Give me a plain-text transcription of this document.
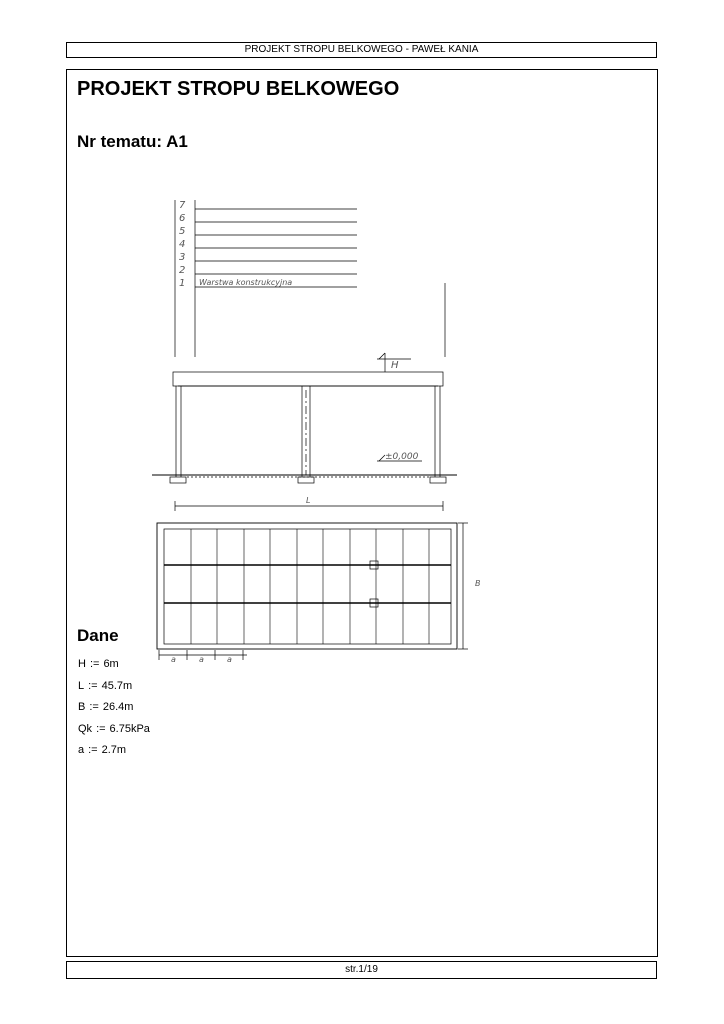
PROJEKT STROPU BELKOWEGO - PAWEŁ KANIA
PROJEKT STROPU BELKOWEGO
Nr tematu: A1
7
6
5
4
3
2
1 Warstwa konstrukcyjna
H
±0,000
L
B
a	a	a
Dane
H := 6m
L := 45.7m
B := 26.4m
Qk := 6.75kPa
a := 2.7m
str.1/19
